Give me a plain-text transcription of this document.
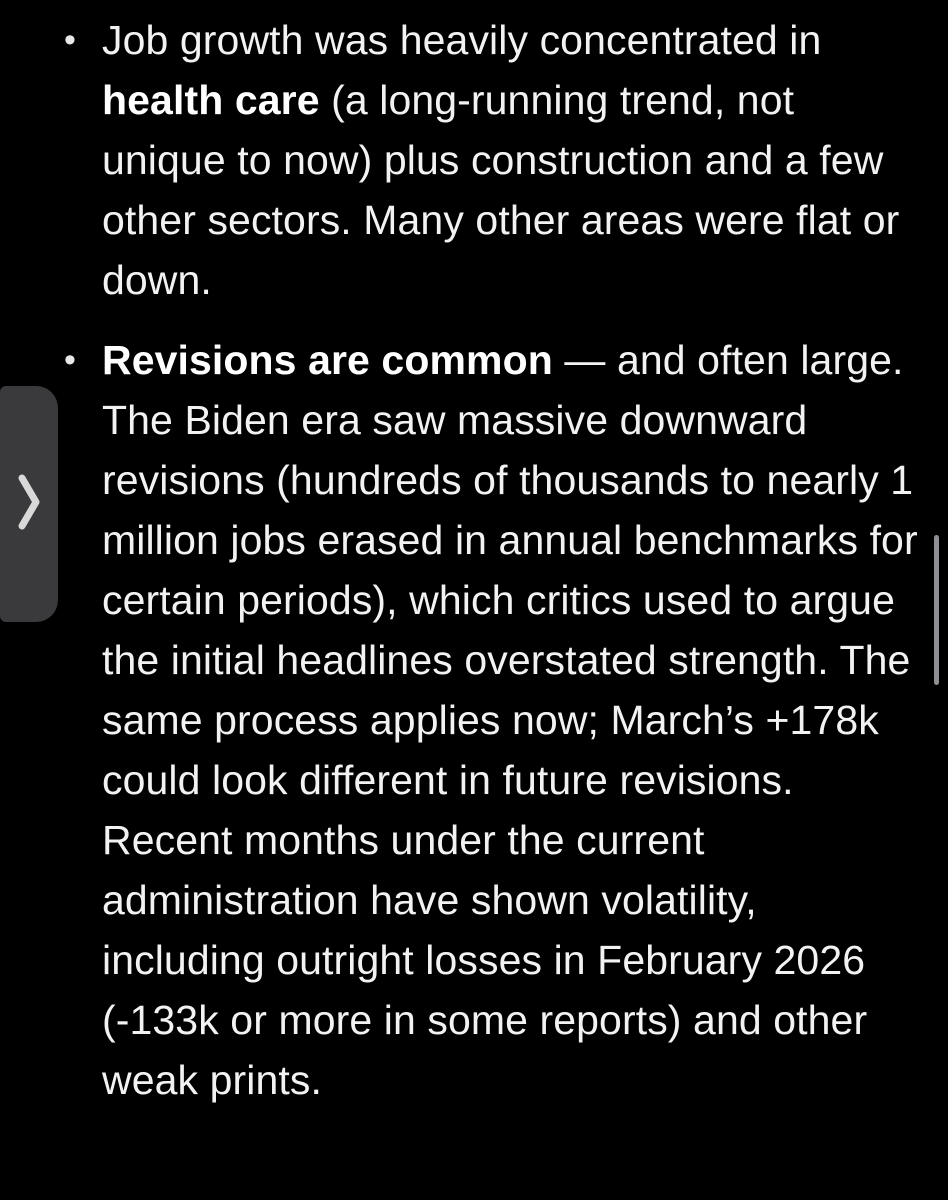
• Job growth was heavily concentrated in health care (a long-running trend, not unique to now) plus construction and a few other sectors. Many other areas were flat or down.
• Revisions are common — and often large. The Biden era saw massive downward revisions (hundreds of thousands to nearly 1 million jobs erased in annual benchmarks for certain periods), which critics used to argue the initial headlines overstated strength. The same process applies now; March’s +178k could look different in future revisions. Recent months under the current administration have shown volatility, including outright losses in February 2026 (-133k or more in some reports) and other weak prints.
